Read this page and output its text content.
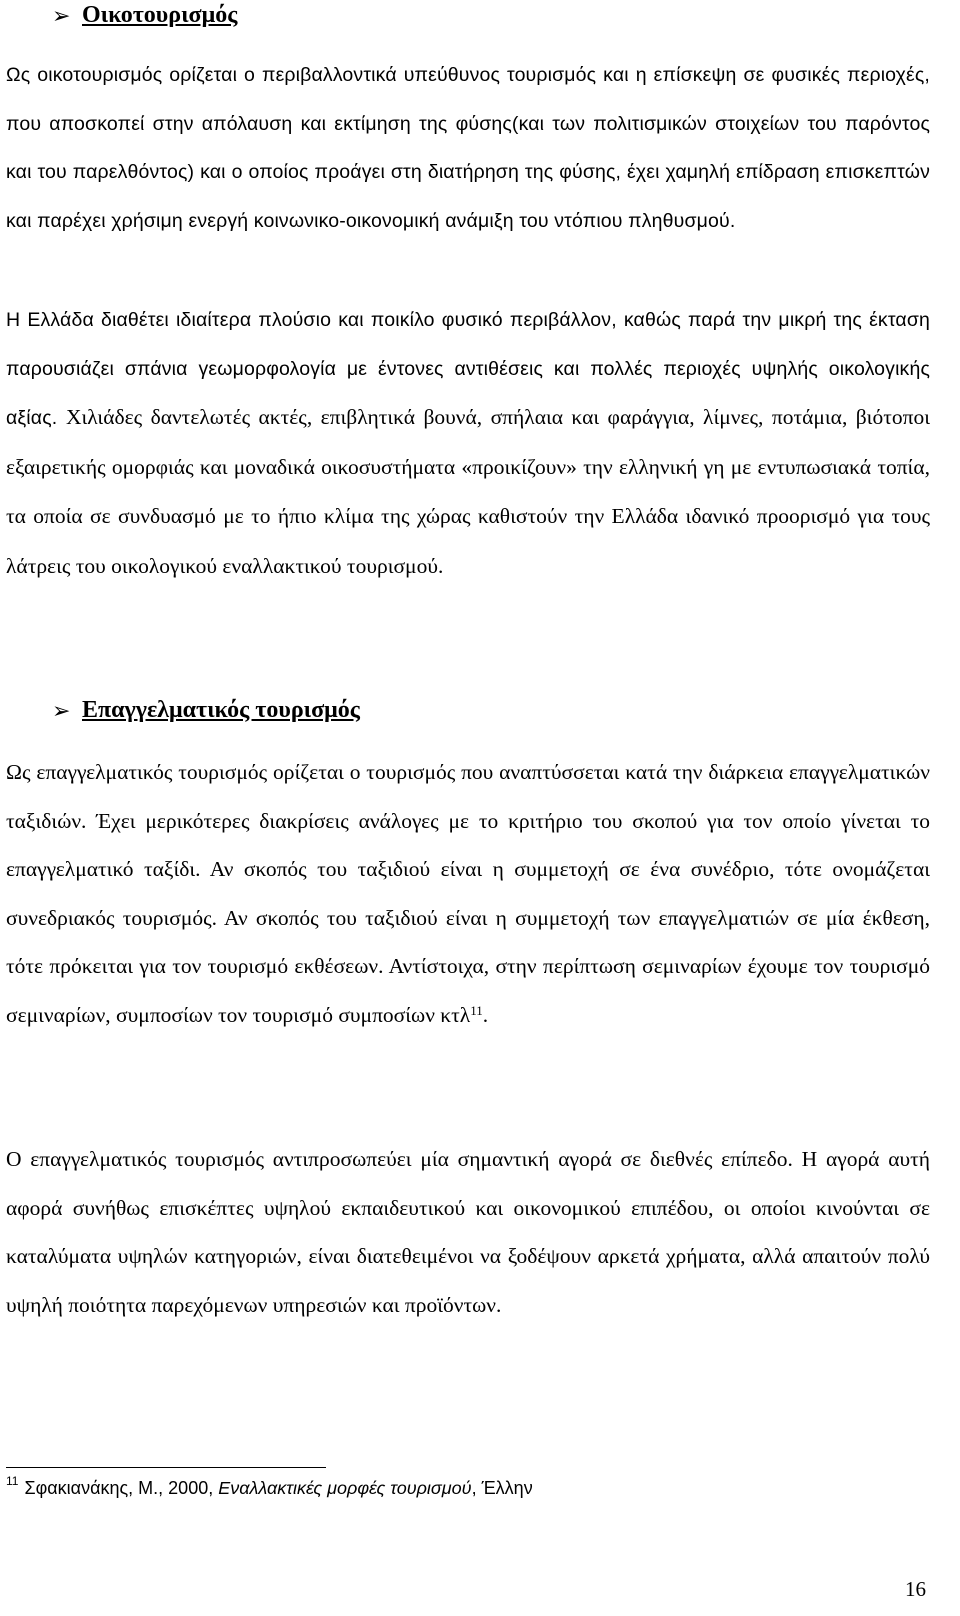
➢ Οικοτουρισμός
Ως οικοτουρισμός ορίζεται ο περιβαλλοντικά υπεύθυνος τουρισμός και η επίσκεψη σε φυσικές περιοχές, που αποσκοπεί στην απόλαυση και εκτίμηση της φύσης(και των πολιτισμικών στοιχείων του παρόντος και του παρελθόντος) και ο οποίος προάγει στη διατήρηση της φύσης, έχει χαμηλή επίδραση επισκεπτών και παρέχει χρήσιμη ενεργή κοινωνικο-οικονομική ανάμιξη του ντόπιου πληθυσμού.
Η Ελλάδα διαθέτει ιδιαίτερα πλούσιο και ποικίλο φυσικό περιβάλλον, καθώς παρά την μικρή της έκταση παρουσιάζει σπάνια γεωμορφολογία με έντονες αντιθέσεις και πολλές περιοχές υψηλής οικολογικής αξίας. Χιλιάδες δαντελωτές ακτές, επιβλητικά βουνά, σπήλαια και φαράγγια, λίμνες, ποτάμια, βιότοποι εξαιρετικής ομορφιάς και μοναδικά οικοσυστήματα «προικίζουν» την ελληνική γη με εντυπωσιακά τοπία, τα οποία σε συνδυασμό με το ήπιο κλίμα της χώρας καθιστούν την Ελλάδα ιδανικό προορισμό για τους λάτρεις του οικολογικού εναλλακτικού τουρισμού.
➢ Επαγγελματικός τουρισμός
Ως επαγγελματικός τουρισμός ορίζεται ο τουρισμός που αναπτύσσεται κατά την διάρκεια επαγγελματικών ταξιδιών. Έχει μερικότερες διακρίσεις ανάλογες με το κριτήριο του σκοπού για τον οποίο γίνεται το επαγγελματικό ταξίδι. Αν σκοπός του ταξιδιού είναι η συμμετοχή σε ένα συνέδριο, τότε ονομάζεται συνεδριακός τουρισμός. Αν σκοπός του ταξιδιού είναι η συμμετοχή των επαγγελματιών σε μία έκθεση, τότε πρόκειται για τον τουρισμό εκθέσεων. Αντίστοιχα, στην περίπτωση σεμιναρίων έχουμε τον τουρισμό σεμιναρίων, συμποσίων τον τουρισμό συμποσίων κτλ$^{11}$.
Ο επαγγελματικός τουρισμός αντιπροσωπεύει μία σημαντική αγορά σε διεθνές επίπεδο. Η αγορά αυτή αφορά συνήθως επισκέπτες υψηλού εκπαιδευτικού και οικονομικού επιπέδου, οι οποίοι κινούνται σε καταλύματα υψηλών κατηγοριών, είναι διατεθειμένοι να ξοδέψουν αρκετά χρήματα, αλλά απαιτούν πολύ υψηλή ποιότητα παρεχόμενων υπηρεσιών και προϊόντων.
$^{11}$ Σφακιανάκης, Μ., 2000, Εναλλακτικές μορφές τουρισμού, Έλλην
16
